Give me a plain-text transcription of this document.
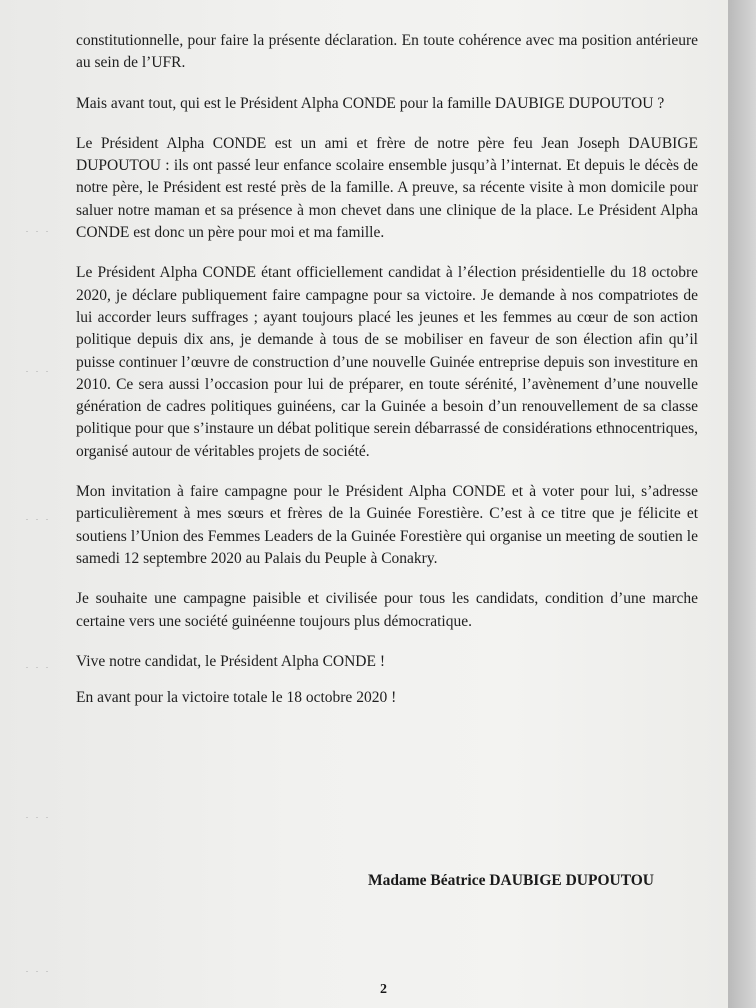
. . .
. . .
. . .
. . .
. . .
. . .

constitutionnelle, pour faire la présente déclaration. En toute cohérence avec ma position antérieure au sein de l’UFR.

Mais avant tout, qui est le Président Alpha CONDE pour la famille DAUBIGE DUPOUTOU ?

Le Président Alpha CONDE est un ami et frère de notre père feu Jean Joseph DAUBIGE DUPOUTOU : ils ont passé leur enfance scolaire ensemble jusqu’à l’internat. Et depuis le décès de notre père, le Président est resté près de la famille. A preuve, sa récente visite à mon domicile pour saluer notre maman et sa présence à mon chevet dans une clinique de la place. Le Président Alpha CONDE est donc un père pour moi et ma famille.

Le Président Alpha CONDE étant officiellement candidat à l’élection présidentielle du 18 octobre 2020, je déclare publiquement faire campagne pour sa victoire. Je demande à nos compatriotes de lui accorder leurs suffrages ; ayant toujours placé les jeunes et les femmes au cœur de son action politique depuis dix ans, je demande à tous de se mobiliser en faveur de son élection afin qu’il puisse continuer l’œuvre de construction d’une nouvelle Guinée entreprise depuis son investiture en 2010. Ce sera aussi l’occasion pour lui de préparer, en toute sérénité, l’avènement d’une nouvelle génération de cadres politiques guinéens, car la Guinée a besoin d’un renouvellement de sa classe politique pour que s’instaure un débat politique serein débarrassé de considérations ethnocentriques, organisé autour de véritables projets de société.

Mon invitation à faire campagne pour le Président Alpha CONDE et à voter pour lui, s’adresse particulièrement à mes sœurs et frères de la Guinée Forestière. C’est à ce titre que je félicite et soutiens l’Union des Femmes Leaders de la Guinée Forestière qui organise un meeting de soutien le samedi 12 septembre 2020 au Palais du Peuple à Conakry.

Je souhaite une campagne paisible et civilisée pour tous les candidats, condition d’une marche certaine vers une société guinéenne toujours plus démocratique.

Vive notre candidat, le Président Alpha CONDE !

En avant pour la victoire totale le 18 octobre 2020 !

Madame Béatrice DAUBIGE DUPOUTOU
2
